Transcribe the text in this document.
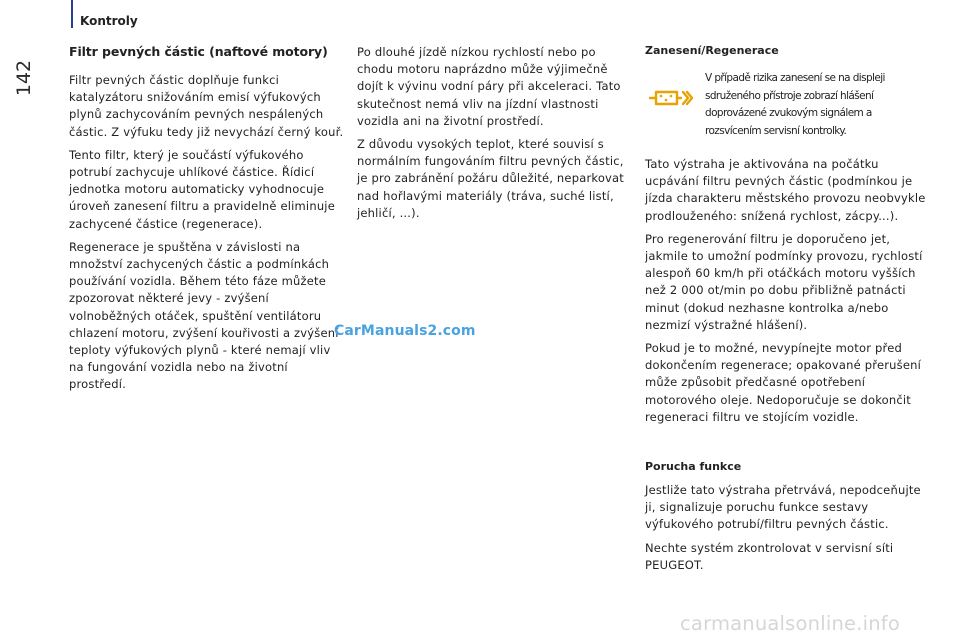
Kontroly
142
Filtr pevných částic (naftové motory)

Filtr pevných částic doplňuje funkci katalyzátoru snižováním emisí výfukových plynů zachycováním pevných nespálených částic. Z výfuku tedy již nevychází černý kouř.

Tento filtr, který je součástí výfukového potrubí zachycuje uhlíkové částice. Řídicí jednotka motoru automaticky vyhodnocuje úroveň zanesení filtru a pravidelně eliminuje zachycené částice (regenerace).

Regenerace je spuštěna v závislosti na množství zachycených částic a podmínkách používání vozidla. Během této fáze můžete zpozorovat některé jevy - zvýšení volnoběžných otáček, spuštění ventilátoru chlazení motoru, zvýšení kouřivosti a zvýšení teploty výfukových plynů - které nemají vliv na fungování vozidla nebo na životní prostředí.

Po dlouhé jízdě nízkou rychlostí nebo po chodu motoru naprázdno může výjimečně dojít k vývinu vodní páry při akceleraci. Tato skutečnost nemá vliv na jízdní vlastnosti vozidla ani na životní prostředí.

Z důvodu vysokých teplot, které souvisí s normálním fungováním filtru pevných částic, je pro zabránění požáru důležité, neparkovat nad hořlavými materiály (tráva, suché listí, jehličí, ...).

Zanesení/Regenerace
V případě rizika zanesení se na displeji sdruženého přístroje zobrazí hlášení doprovázené zvukovým signálem a rozsvícením servisní kontrolky.

Tato výstraha je aktivována na počátku ucpávání filtru pevných částic (podmínkou je jízda charakteru městského provozu neobvykle prodlouženého: snížená rychlost, zácpy...).

Pro regenerování filtru je doporučeno jet, jakmile to umožní podmínky provozu, rychlostí alespoň 60 km/h při otáčkách motoru vyšších než 2 000 ot/min po dobu přibližně patnácti minut (dokud nezhasne kontrolka a/nebo nezmizí výstražné hlášení).

Pokud je to možné, nevypínejte motor před dokončením regenerace; opakované přerušení může způsobit předčasné opotřebení motorového oleje. Nedoporučuje se dokončit regeneraci filtru ve stojícím vozidle.

Porucha funkce

Jestliže tato výstraha přetrvává, nepodceňujte ji, signalizuje poruchu funkce sestavy výfukového potrubí/filtru pevných částic.

Nechte systém zkontrolovat v servisní síti PEUGEOT.

CarManuals2.com
carmanualsonline.info
